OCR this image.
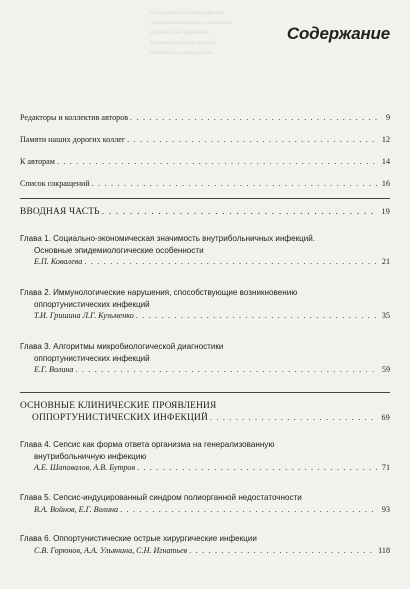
Оппортунистические инфекции
Эпидемиологические особенности
Клинические проявления
Противомикробная терапия
Особенности диагностики
Содержание
Редакторы и коллектив авторов . . .	9
Памяти наших дорогих коллег . . .	12
К авторам . . .	14
Список сокращений . . .	16
ВВОДНАЯ ЧАСТЬ . . .	19
Глава 1. Социально-экономическая значимость внутрибольничных инфекций.
Основные эпидемиологические особенности
Е.П. Ковалева . . .	21
Глава 2. Иммунологические нарушения, способствующие возникновению
оппортунистических инфекций
Т.И. Гришина Л.Г. Кузьменко . . .	35
Глава 3. Алгоритмы микробиологической диагностики
оппортунистических инфекций
Е.Г. Волина . . .	59
ОСНОВНЫЕ КЛИНИЧЕСКИЕ ПРОЯВЛЕНИЯ
ОППОРТУНИСТИЧЕСКИХ ИНФЕКЦИЙ . . .	69
Глава 4. Сепсис как форма ответа организма на генерализованную
внутрибольничную инфекцию
А.Е. Шаповалов, А.В. Бутров . . .	71
Глава 5. Сепсис-индуцированный синдром полиорганной недостаточности
В.А. Войнов, Е.Г. Волина . . .	93
Глава 6. Оппортунистические острые хирургические инфекции
С.В. Горюнов, А.А. Ульянина, С.Н. Игнатьев . . .	118
